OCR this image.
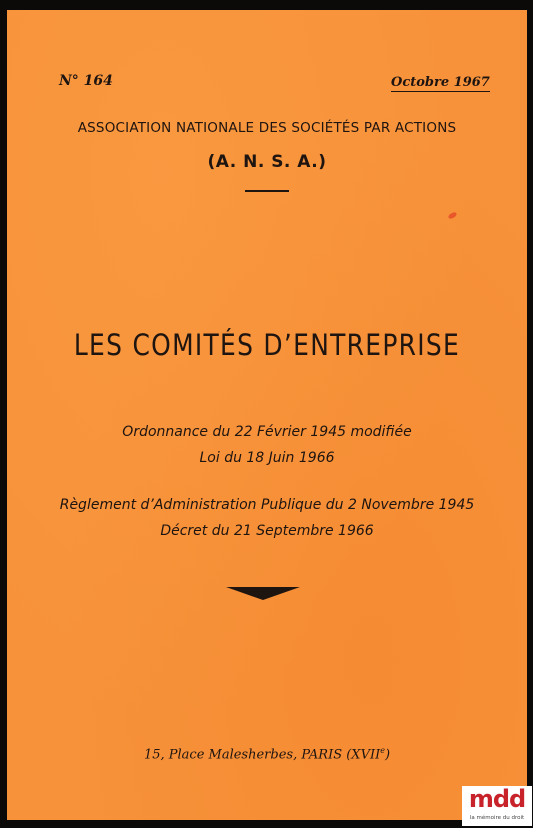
N° 164	Octobre 1967
ASSOCIATION NATIONALE DES SOCIÉTÉS PAR ACTIONS
(A. N. S. A.)
LES COMITÉS D’ENTREPRISE
Ordonnance du 22 Février 1945 modifiée
Loi du 18 Juin 1966
Règlement d’Administration Publique du 2 Novembre 1945
Décret du 21 Septembre 1966
15, Place Malesherbes, PARIS (XVIIe)
mdd
la mémoire du droit
